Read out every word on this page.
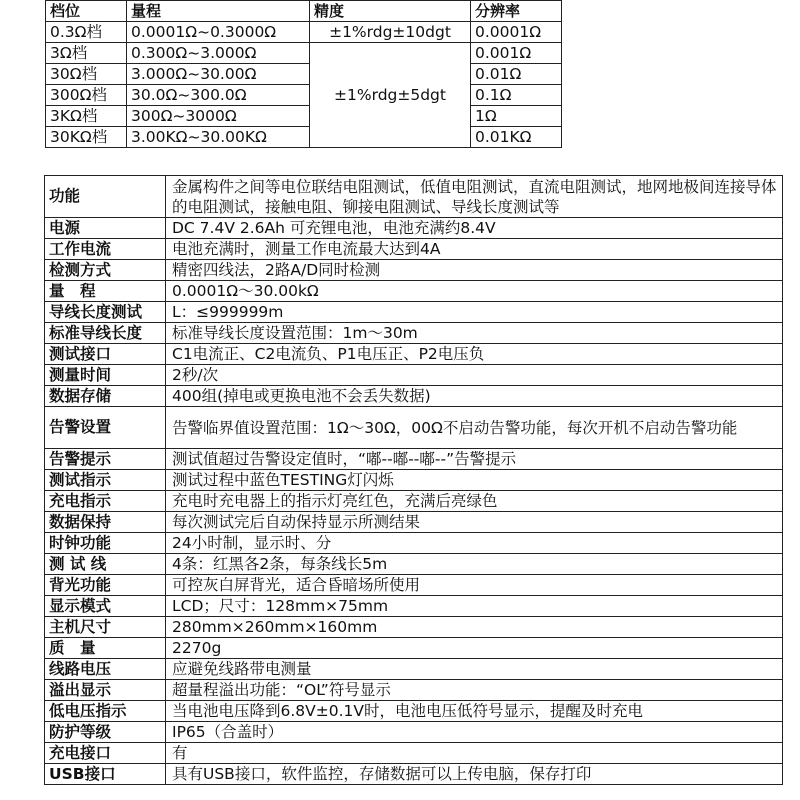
档位	量程	精度	分辨率
0.3Ω档	0.0001Ω~0.3000Ω	±1%rdg±10dgt	0.0001Ω
3Ω档	0.300Ω~3.000Ω	±1%rdg±5dgt	0.001Ω
30Ω档	3.000Ω~30.00Ω		0.01Ω
300Ω档	30.0Ω~300.0Ω		0.1Ω
3KΩ档	300Ω~3000Ω		1Ω
30KΩ档	3.00KΩ~30.00KΩ		0.01KΩ
功能	金属构件之间等电位联结电阻测试，低值电阻测试，直流电阻测试，地网地极间连接导体的电阻测试，接触电阻、铆接电阻测试、导线长度测试等
电源	DC 7.4V 2.6Ah 可充锂电池，电池充满约8.4V
工作电流	电池充满时，测量工作电流最大达到4A
检测方式	精密四线法，2路A/D同时检测
量　程	0.0001Ω～30.00kΩ
导线长度测试	L：≤999999m
标准导线长度	标准导线长度设置范围：1m～30m
测试接口	C1电流正、C2电流负、P1电压正、P2电压负
测量时间	2秒/次
数据存储	400组(掉电或更换电池不会丢失数据)
告警设置	告警临界值设置范围：1Ω～30Ω，00Ω不启动告警功能，每次开机不启动告警功能
告警提示	测试值超过告警设定值时，“嘟--嘟--嘟--”告警提示
测试指示	测试过程中蓝色TESTING灯闪烁
充电指示	充电时充电器上的指示灯亮红色，充满后亮绿色
数据保持	每次测试完后自动保持显示所测结果
时钟功能	24小时制，显示时、分
测 试 线	4条：红黑各2条，每条线长5m
背光功能	可控灰白屏背光，适合昏暗场所使用
显示模式	LCD；尺寸：128mm×75mm
主机尺寸	280mm×260mm×160mm
质　量	2270g
线路电压	应避免线路带电测量
溢出显示	超量程溢出功能：“OL”符号显示
低电压指示	当电池电压降到6.8V±0.1V时，电池电压低符号显示，提醒及时充电
防护等级	IP65（合盖时）
充电接口	有
USB接口	具有USB接口，软件监控，存储数据可以上传电脑，保存打印
